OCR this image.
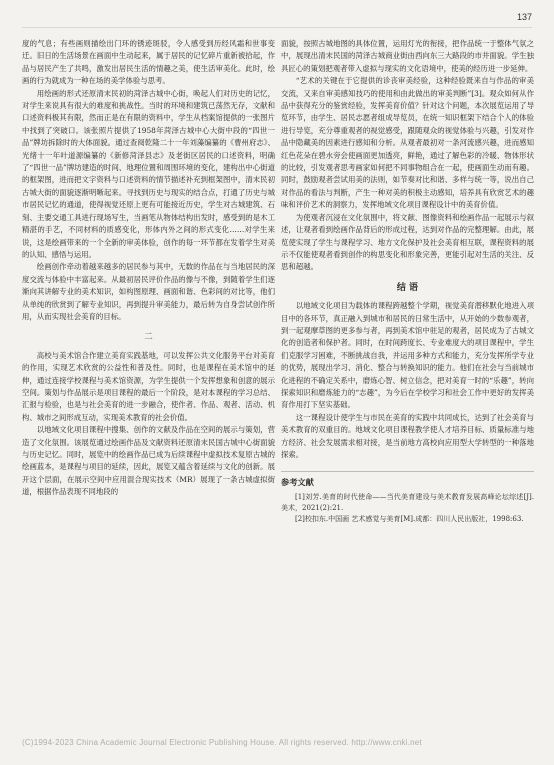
137

度的气息；有些画则描绘出门环的锈迹斑驳，令人感受到历经风霜和世事变迁。旧日的生活场景在画面中生动起来，属于居民的记忆碎片重新被拾起，作品与居民产生了共鸣，激发出居民生活的情趣之美，使生活审美化。此时，绘画的行为就成为一种在场的美学体验与思考。

用绘画的形式还原清末民初的菏泽古城中心街，唤起人们对历史的记忆，对学生来说具有很大的难度和挑战性。当时的环境和建筑已荡然无存，文献和口述资料极其有限，然而正是在有限的资料中，学生从档案馆提供的一张图片中找到了突破口。该张照片提供了1958年菏泽古城中心大街中段的“四世一品”牌坊拆除时的大体面貌。通过查阅乾隆二十一年刘藻编纂的《曹州府志》、光绪十一年叶道源编纂的《新修菏泽县志》及老街区居民的口述资料，明确了“四世一品”牌坊建造的时间、地理位置和周围环境的变化，建构出中心街道的框架图，进而把文字资料与口述资料的情节描述补充到框架图中，清末民初古城大街的面貌逐渐明晰起来。寻找到历史与现实的结合点，打通了历史与城市居民记忆的通道，使得视觉还原上更有可能接近历史，学生对古城建筑、石刻、主要交通工具进行现场写生，当画笔从物体结构出发时，感受到的是木工精湛的手艺，不同材料的质感变化，形体内外之间的形式变化……对学生来说，这是绘画带来的一个全新的审美体验，创作的每一环节都在发着学生对美的认知、感悟与运用。

绘画创作牵动着越来越多的居民参与其中，无数的作品在与当地居民的深度交流与体验中丰富起来。从最初居民评价作品的像与不像，到随着学生们逐渐向其讲解专业的美术知识，如构图原理、画面和谐、色彩间的对比等，他们从单纯的欣赏到了解专业知识，再到提升审美能力，最后转为自身尝试创作所用，从而实现社会美育的目标。

二

高校与美术馆合作建立美育实践基地，可以发挥公共文化服务平台对美育的作用，实现艺术欣赏的公益性和普及性。同时，也是课程在美术馆中的延伸，通过连接学校课程与美术馆资源，为学生提供一个发挥想象和创意的展示空间。策划与作品展示是项目课程的最后一个阶段，是对本课程的学习总结、汇报与检验，也是与社会美育的进一步融合，使作者、作品、观者、活动、机构、城市之间形成互动，实现美术教育的社会价值。

以地域文化项目课程中搜集、创作的文献及作品在空间的展示与策划，营造了文化氛围。该展览通过绘画作品及文献资料还原清末民国古城中心街面貌与历史记忆。同时，展览中的绘画作品已成为后续课程中虚拟技术复原古城的绘画蓝本，是课程与项目的延续，因此，展览又蕴含着延续与文化的创新。展开这个层面，在展示空间中应用混合现实技术（MR）展现了一条古城虚拟街道，根据作品表现不同地段的

面貌，按照古城地图的具体位置，运用灯光的衔接，把作品统一于整体气氛之中，展现出清末民国的菏泽古城商业街由西向东三大路段的市井面貌。学生独具匠心的策划把观者带入虚拟与现实的文化语境中，使美的经历进一步延伸。

“艺术的关键在于它提供的诊丧审美经验，这种经验既来自与作品的审美交流，又来自审美感知技巧的使用和由此做出的审美判断”[3]。观众如何从作品中获得充分的鉴赏经验，发挥美育价值？针对这个问题，本次展览运用了导览环节，由学生、居民志愿者组成导览员，在统一知识框架下结合个人的体验进行导览，充分尊重观者的视觉感受，跟随观众的视觉体验与兴趣，引发对作品中隐藏美的因素进行感知和分析。从观者最初对一条河流感兴趣，进而感知红色花朵在碧水旁会使画面更加透亮，鲜艳，通过了解色彩的冷暖、物体形状的比较，引发观者思考画家如何把不同事物组合在一起，使画面生动而有趣。同时，鼓励观者尝试用美的法则，如节奏对比和谐、多样与统一等，说出自己对作品的看法与判断，产生一种对美的积极主动感知，培养具有欣赏艺术的趣味和评价艺术的洞察力，发挥地域文化项目课程设计中的美育价值。

为使观者沉浸在文化氛围中，将文献、图像资料和绘画作品一起展示与叙述，让观者看到绘画作品背后的形成过程，达到对作品的完整理解。由此，展览使实现了学生与课程学习、地方文化保护及社会美育相互联，课程资料的展示不仅能使观者看到创作的构思变化和形象完善，更能引起对生活的关注、反思和超越。

结 语

以地域文化项目为载体的课程跨越整个学期，视觉美育潜移默化地进入项目中的各环节，真正融入到城市和居民的日常生活中，从开始的少数参观者，到一起观摩草图的更多参与者，再到美术馆中驻足的观者，居民成为了古城文化的创造者和保护者。同时，在时间跨度长、专业难度大的项目课程中，学生们克服学习困难，不断挑战自我，并运用多种方式和能力，充分发挥所学专业的优势，展现出学习、消化、整合与转换知识的能力。他们在社会与当前城市化进程的不确定关系中，磨炼心智、树立信念，把对美育一时的“乐趣”，转向探索知识和磨炼能力的“志趣”，为今后在学校学习和社会工作中更好的发挥美育作用打下坚实基础。

这一课程设计使学生与市民在美育的实践中共同成长，达到了社会美育与美术教育的双重目的。地域文化项目课程教学使人才培养目标、质量标准与地方经济、社会发展需求相对接，是当前地方高校向应用型大学转型的一种落地探索。

参考文献

[1]刘芳.美育的时代使命——当代美育建设与美术教育发展高峰论坛综述[J].美术，2021(2):21.

[2]校扣东.中国画 艺术感觉与美育[M].成都：四川人民出版社，1998:63.

(C)1994-2023 China Academic Journal Electronic Publishing House. All rights reserved. http://www.cnki.net
